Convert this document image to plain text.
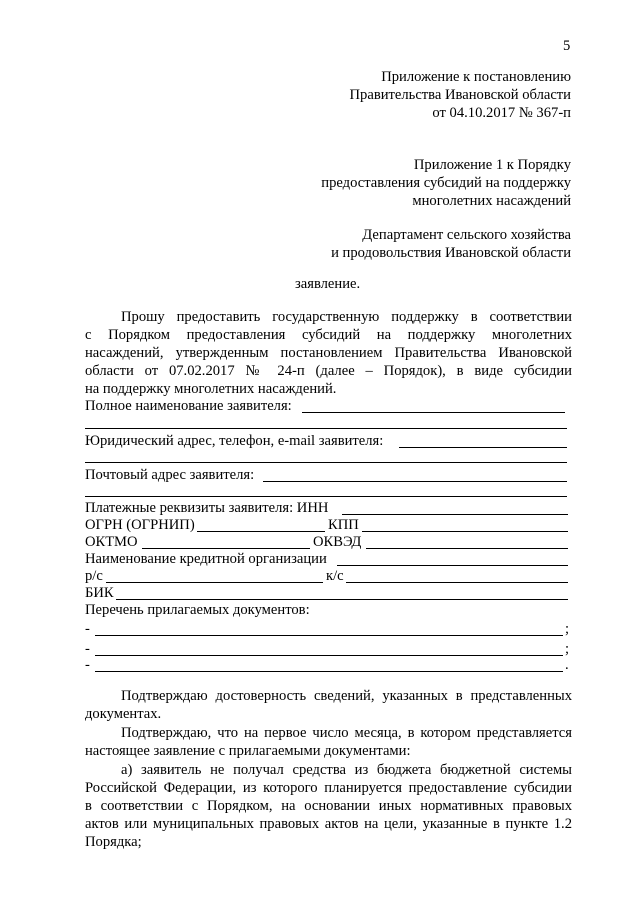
5
Приложение к постановлению
Правительства Ивановской области
от 04.10.2017 № 367-п
Приложение 1 к Порядку
предоставления субсидий на поддержку
многолетних насаждений
Департамент сельского хозяйства
и продовольствия Ивановской области
заявление.
Прошу предоставить государственную поддержку в соответствии
с Порядком предоставления субсидий на поддержку многолетних
насаждений, утвержденным постановлением Правительства Ивановской
области от 07.02.2017 № 24-п (далее – Порядок), в виде субсидии
на поддержку многолетних насаждений.
Полное наименование заявителя:
Юридический адрес, телефон, e-mail заявителя:
Почтовый адрес заявителя:
Платежные реквизиты заявителя: ИНН
ОГРН (ОГРНИП)	КПП
ОКТМО	ОКВЭД
Наименование кредитной организации
р/с	к/с
БИК
Перечень прилагаемых документов:
-	;
-	;
-	.
Подтверждаю достоверность сведений, указанных в представленных
документах.
Подтверждаю, что на первое число месяца, в котором представляется
настоящее заявление с прилагаемыми документами:
а) заявитель не получал средства из бюджета бюджетной системы
Российской Федерации, из которого планируется предоставление субсидии
в соответствии с Порядком, на основании иных нормативных правовых
актов или муниципальных правовых актов на цели, указанные в пункте 1.2
Порядка;
